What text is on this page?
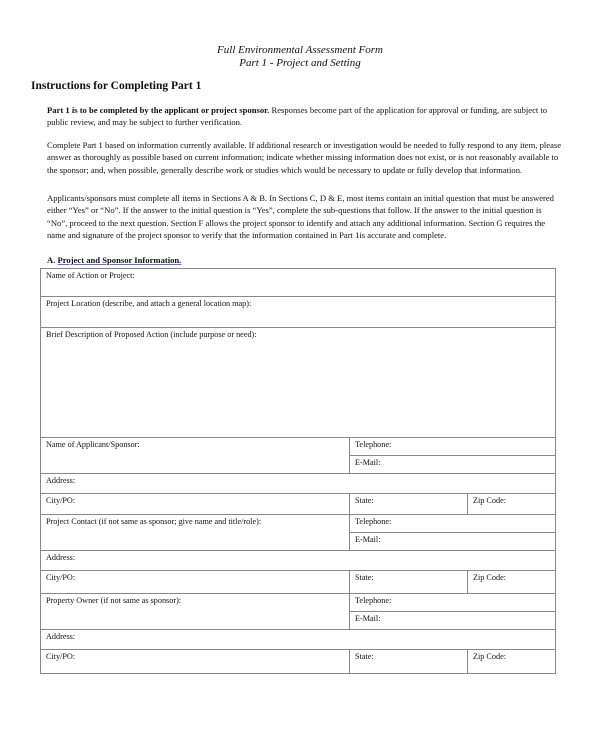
Full Environmental Assessment Form
Part 1 - Project and Setting
Instructions for Completing Part 1
Part 1 is to be completed by the applicant or project sponsor. Responses become part of the application for approval or funding, are subject to public review, and may be subject to further verification.
Complete Part 1 based on information currently available. If additional research or investigation would be needed to fully respond to any item, please answer as thoroughly as possible based on current information; indicate whether missing information does not exist, or is not reasonably available to the sponsor; and, when possible, generally describe work or studies which would be necessary to update or fully develop that information.
Applicants/sponsors must complete all items in Sections A & B. In Sections C, D & E, most items contain an initial question that must be answered either “Yes” or “No”. If the answer to the initial question is “Yes”, complete the sub-questions that follow. If the answer to the initial question is “No”, proceed to the next question. Section F allows the project sponsor to identify and attach any additional information. Section G requires the name and signature of the project sponsor to verify that the information contained in Part 1is accurate and complete.
A. Project and Sponsor Information.
Name of Action or Project:		
Project Location (describe, and attach a general location map):		
Brief Description of Proposed Action (include purpose or need):		
Name of Applicant/Sponsor:	Telephone:	
	E-Mail:	
Address:		
City/PO:	State:	Zip Code:
Project Contact (if not same as sponsor; give name and title/role):	Telephone:	
	E-Mail:	
Address:		
City/PO:	State:	Zip Code:
Property Owner (if not same as sponsor):	Telephone:	
	E-Mail:	
Address:		
City/PO:	State:	Zip Code:
